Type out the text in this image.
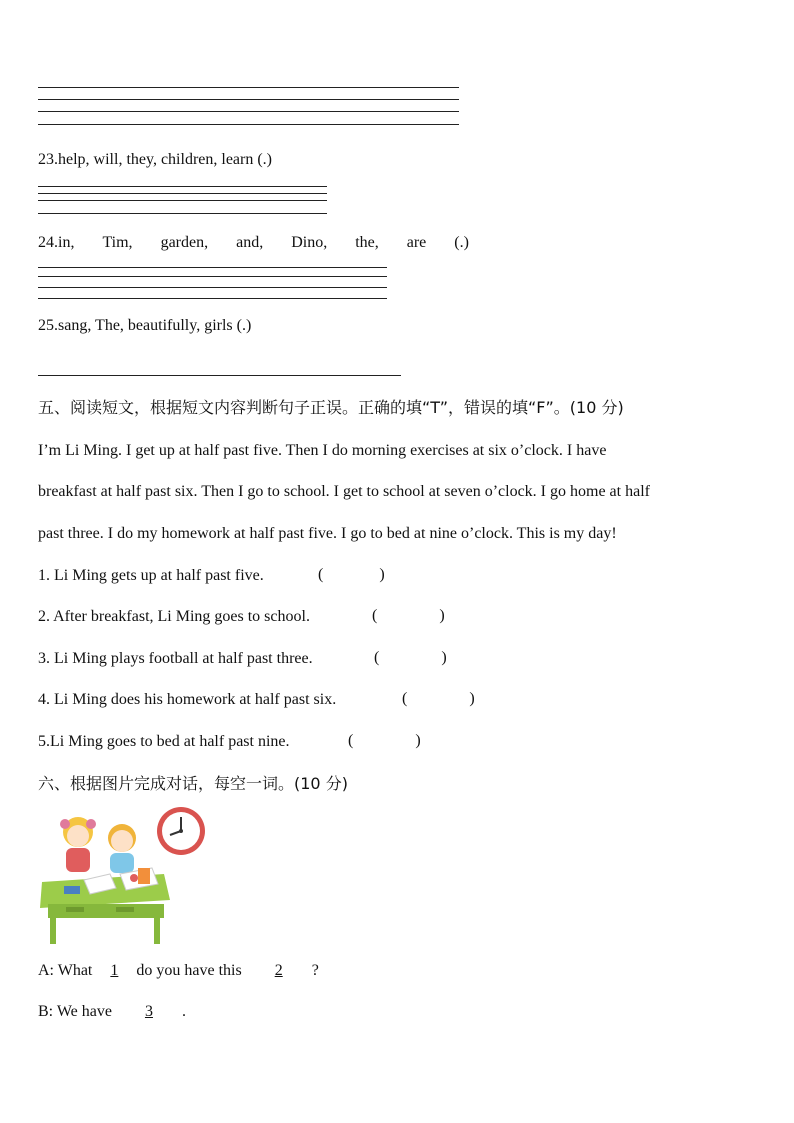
23.help, will, they, children, learn (.)
24.in, Tim, garden, and, Dino, the, are (.)
25.sang, The, beautifully, girls (.)
五、阅读短文，根据短文内容判断句子正误。正确的填“T”，错误的填“F”。(10 分)
I’m Li Ming. I get up at half past five. Then I do morning exercises at six o’clock. I have
breakfast at half past six. Then I go to school. I get to school at seven o’clock. I go home at half
past three. I do my homework at half past five. I go to bed at nine o’clock. This is my day!
1. Li Ming gets up at half past five.	(	)
2. After breakfast, Li Ming goes to school.	(	)
3. Li Ming plays football at half past three.	(	)
4. Li Ming does his homework at half past six.	(	)
5.Li Ming goes to bed at half past nine.	(	)
六、根据图片完成对话，每空一词。(10 分)
A: What 1 do you have this 2 ?
B: We have 3 .
